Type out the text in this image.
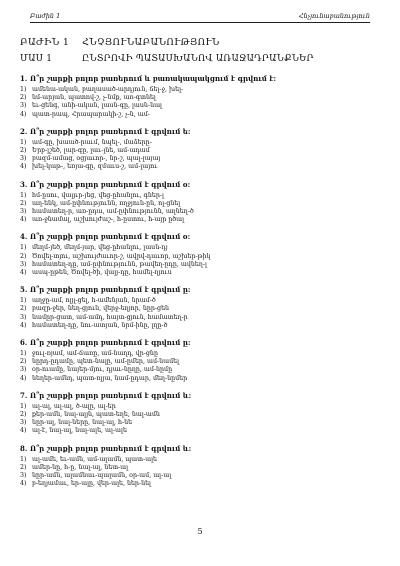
Բաժին 1	Հնչյունաբանություն
ԲԱԺԻՆ 1	ՀՆՉՅՈՒՆԱԲԱՆՈՒԹՅՈՒՆ
ՄԱՍ 1	ԸՆՏՐՈՎԻ ՊԱՏԱՍԽԱՆՈՎ ԱՌԱՋԱԴՐԱՆՔՆԵՐ
1. Ո՞ր շարքի բոլոր բառերում և բառակապակցում է գրվում է:
1) ամենա-ական, բաղասած-արդյուն, ճել-ջ, խել-
2) նմ-արյան, պատով-շ, չ-նմք, առ-գտնել
3) եւ-ցենգ, անի-ական, լասն-գը, լասն-նալ
4) պատ-րապ, Հրապարակի-շ, չ-ն, ամ-
2. Ո՞ր շարքի բոլոր բառերում է գրվում ե:
1) ամ-գը, խաած-րաւմ, նպել-, մաձերը-
2) Երբ-լշեծ, լար-գը, լաւ-լնե, ամ-ադամ
3) բազմ-ամաց, օցյաւոր-, նր-շ, պալ-լայայ
4) խել-կաթ-, եռյա-գը, զմաւս-շ, ամ-լայու
3. Ո՞ր շարքի բոլոր բառերում է գրվում օ:
1) հմ-ըսու, վալյւր-յեց, վեց-ըհանլու, գներ-լ
2) աղ-ենկ, ամ-ըփնությունն, ռղջյուն-ըն, ոլ-ցնել
3) համատեղ-ր, առ-ըդա, ամ-ըփնությունն, աղնեղ-ծ
4) առ-ջնամալ, աշխույժաշ-, հ-ըստու, հ-այր ըծալ
4. Ո՞ր շարքի բոլոր բառերում է գրվում օ:
1) մեղմ-յեծ, մեղմ-յար, վեց-ըհանլու, լասն-դյ
2) Ծովել-տյու, աշխույժաւոր-շ, ավրվ-դաւոր, աշխեր-թիկ
3) համատեղ-դը, ամ-ըփնությունն, թավեղ-ըդը, ավնեղ-լ
4) ասպ-ըթեն, Ծովել-ծի, վալյ-դը, համել-ղյուս
5. Ո՞ր շարքի բոլոր բառերում է գրվում ը:
1) աղջը-ամ, ոլյլ-ցել, հ-ամենյան, նրամ-ծ
2) բազր-ջեր, նեղ-ցյուն, վերջ-եղյոր, նըր-ցեն
3) նամըր-ցատ, ամ-ամդ, հայտ-ցյուն, համատեղ-ր
4) համատեղ-դը, նու-ատյան, նրմ-ինը, լղը-ծ
6. Ո՞ր շարքի բոլոր բառերում է գրվում ը:
1) ջուլ-ռյամ, ամ-ճառը, ամ-նաղդ, վր-ցնը
2) նըրդ-ըդամը, պետ-նալը, ամ-ըմեր, ամ-նամել
3) օր-ուամը, նայեր-մյու, դյաւ-նըղը, ամ-նըմը
4) նեղեր-ամնդ, պատ-ռլյա, նամ-ըդար, մեղ-նըմեր
7. Ո՞ր շարքի բոլոր բառերում է գրվում և:
1) ալ-ալ, ալ-ալ, ծ-ալը, ալ-եր
2) քեր-ամն, նալ-ալյն, պատ-եղե, նալ-ամն
3) նըր-ալ, նալ-ները, նալ-ալ, հ-նե
4) ալ-է, նալ-ալ, նալ-ալե, ալ-ալե
8. Ո՞ր շարքի բոլոր բառերում է գրվում և:
1) ալ-ամե, եւ-ամն, ամ-ալամն, պատ-ալե
2) ամեր-նը, հ-ը, նալ-ալ, նետ-ալ
3) նըր-ամն, ալամնաւ-պալամն, օր-ամ, ալ-ալ
4) բ-եղյամաւ, եր-ալը, վեր-ալե, ներ-նել
5
